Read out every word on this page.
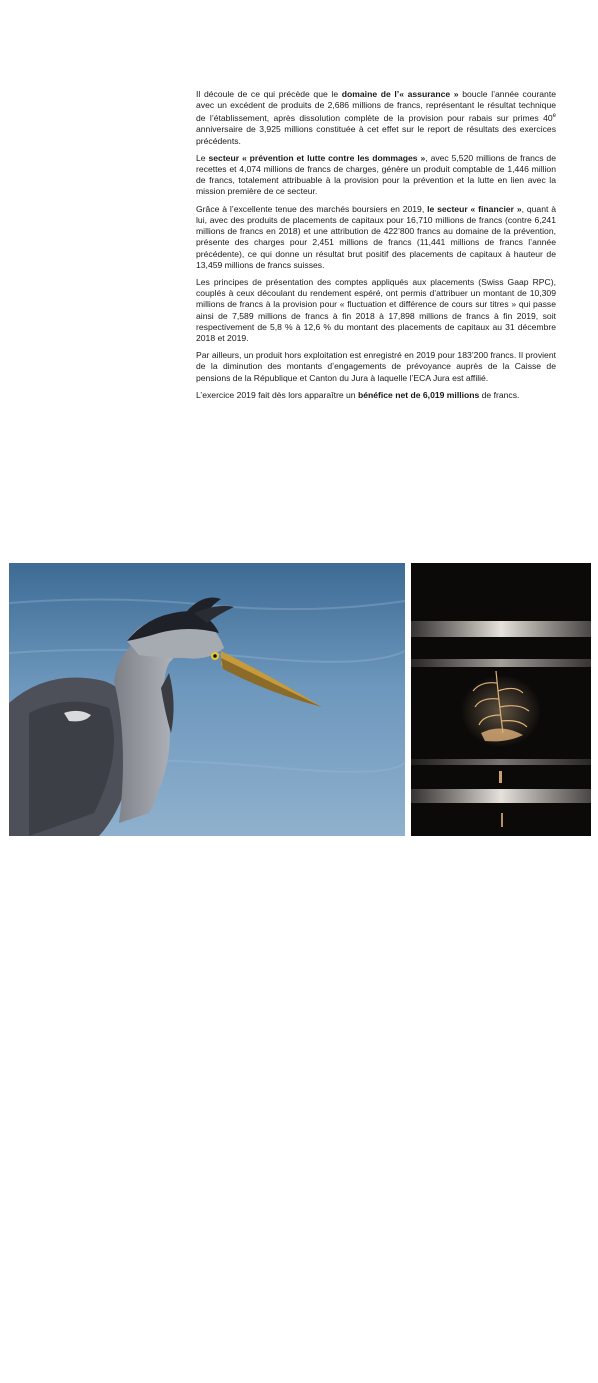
Il découle de ce qui précède que le domaine de l’« assurance » boucle l’année courante avec un excédent de produits de 2,686 millions de francs, représentant le résultat technique de l’établissement, après dissolution complète de la provision pour rabais sur primes 40e anniversaire de 3,925 millions constituée à cet effet sur le report de résultats des exercices précédents.

Le secteur « prévention et lutte contre les dommages », avec 5,520 millions de francs de recettes et 4,074 millions de francs de charges, génère un produit comptable de 1,446 million de francs, totalement attribuable à la provision pour la prévention et la lutte en lien avec la mission première de ce secteur.

Grâce à l’excellente tenue des marchés boursiers en 2019, le secteur « financier », quant à lui, avec des produits de placements de capitaux pour 16,710 millions de francs (contre 6,241 millions de francs en 2018) et une attribution de 422’800 francs au domaine de la prévention, présente des charges pour 2,451 millions de francs (11,441 millions de francs l’année précédente), ce qui donne un résultat brut positif des placements de capitaux à hauteur de 13,459 millions de francs suisses.

Les principes de présentation des comptes appliqués aux placements (Swiss Gaap RPC), couplés à ceux découlant du rendement espéré, ont permis d’attribuer un montant de 10,309 millions de francs à la provision pour « fluctuation et différence de cours sur titres » qui passe ainsi de 7,589 millions de francs à fin 2018 à 17,898 millions de francs à fin 2019, soit respectivement de 5,8 % à 12,6 % du montant des placements de capitaux au 31 décembre 2018 et 2019.

Par ailleurs, un produit hors exploitation est enregistré en 2019 pour 183’200 francs. Il provient de la diminution des montants d’engagements de prévoyance auprès de la Caisse de pensions de la République et Canton du Jura à laquelle l’ECA Jura est affilié.

L’exercice 2019 fait dès lors apparaître un bénéfice net de 6,019 millions de francs.

– 6 –
